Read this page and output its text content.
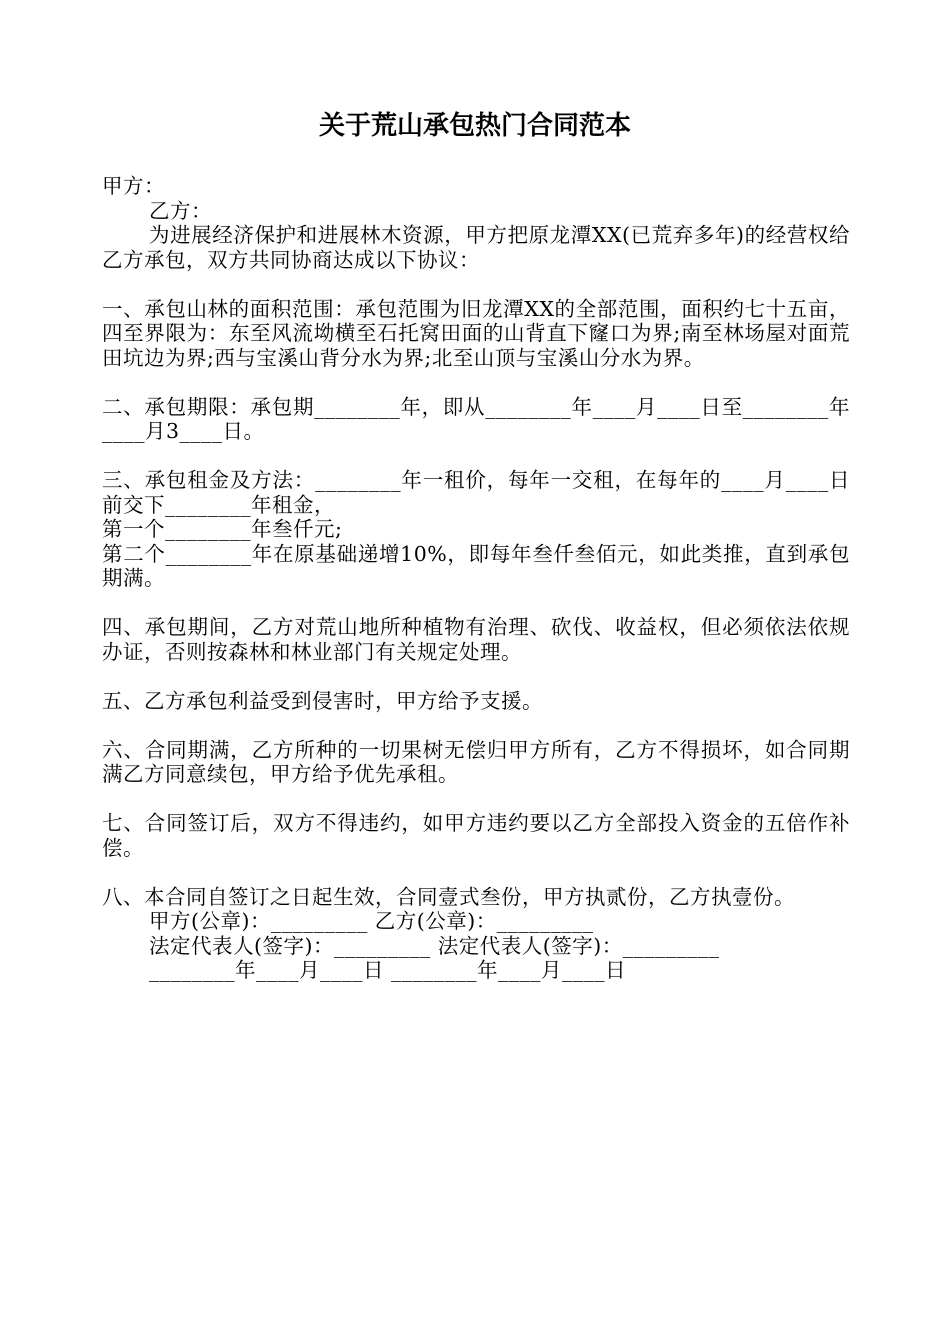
关于荒山承包热门合同范本

甲方：

乙方：

为进展经济保护和进展林木资源，甲方把原龙潭XX(已荒弃多年)的经营权给乙方承包，双方共同协商达成以下协议：

一、承包山林的面积范围：承包范围为旧龙潭XX的全部范围，面积约七十五亩，四至界限为：东至风流坳横至石托窝田面的山背直下窿口为界;南至林场屋对面荒田坑边为界;西与宝溪山背分水为界;北至山顶与宝溪山分水为界。

二、承包期限：承包期________年，即从________年____月____日至________年____月3____日。

三、承包租金及方法：________年一租价，每年一交租，在每年的____月____日前交下________年租金，

第一个________年叁仟元;

第二个________年在原基础递增10%，即每年叁仟叁佰元，如此类推，直到承包期满。

四、承包期间，乙方对荒山地所种植物有治理、砍伐、收益权，但必须依法依规办证，否则按森林和林业部门有关规定处理。

五、乙方承包利益受到侵害时，甲方给予支援。

六、合同期满，乙方所种的一切果树无偿归甲方所有，乙方不得损坏，如合同期满乙方同意续包，甲方给予优先承租。

七、合同签订后，双方不得违约，如甲方违约要以乙方全部投入资金的五倍作补偿。

八、本合同自签订之日起生效，合同壹式叁份，甲方执贰份，乙方执壹份。

甲方(公章)：_________ 乙方(公章)：_________
法定代表人(签字)：_________ 法定代表人(签字)：_________
________年____月____日 ________年____月____日
